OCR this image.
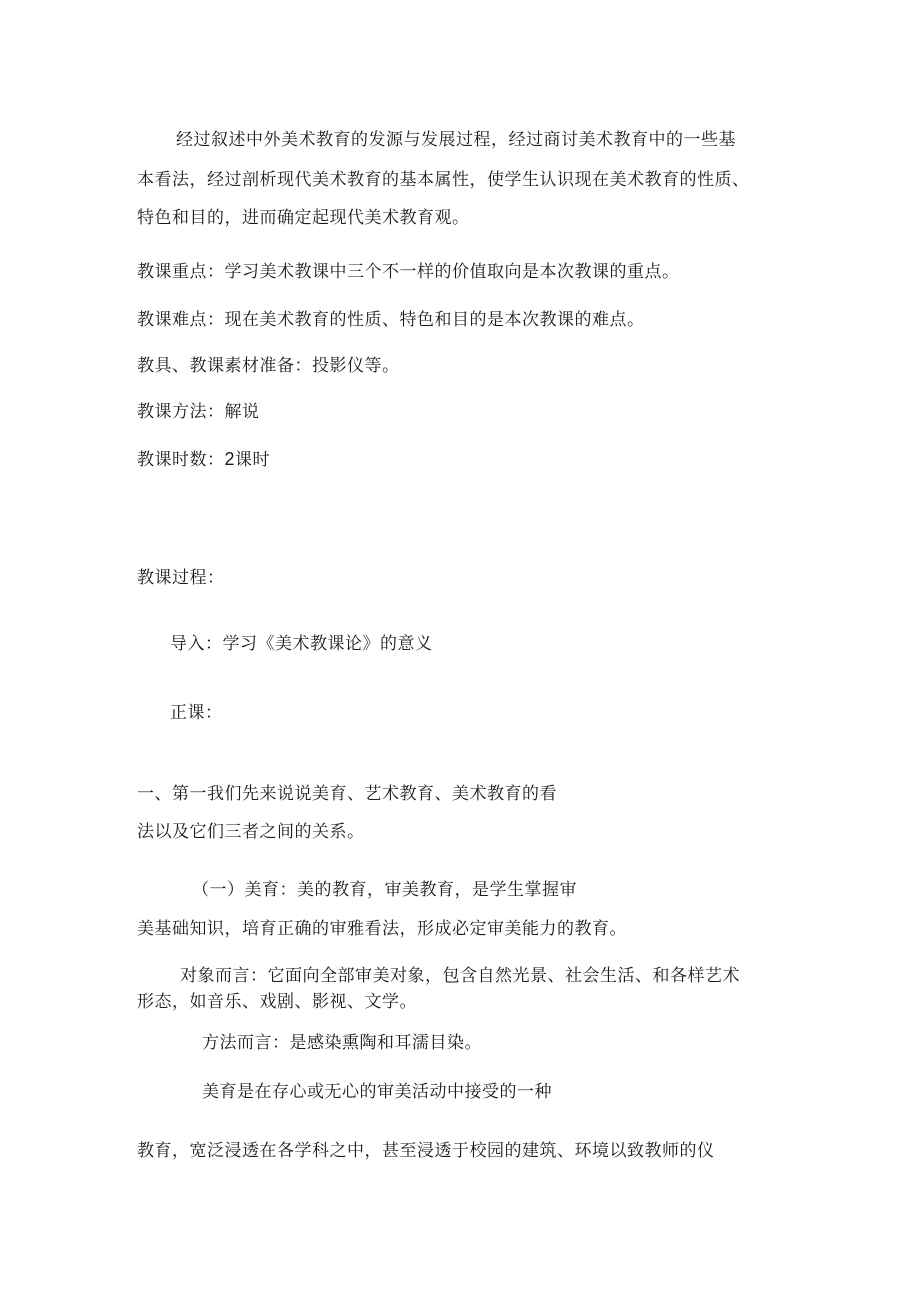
经过叙述中外美术教育的发源与发展过程，经过商讨美术教育中的一些基
本看法，经过剖析现代美术教育的基本属性，使学生认识现在美术教育的性质、
特色和目的，进而确定起现代美术教育观。
教课重点：学习美术教课中三个不一样的价值取向是本次教课的重点。
教课难点：现在美术教育的性质、特色和目的是本次教课的难点。
教具、教课素材准备：投影仪等。
教课方法：解说
教课时数：2课时
教课过程：
导入：学习《美术教课论》的意义
正课：
一、第一我们先来说说美育、艺术教育、美术教育的看
法以及它们三者之间的关系。
（一）美育：美的教育，审美教育，是学生掌握审
美基础知识，培育正确的审雅看法，形成必定审美能力的教育。
对象而言：它面向全部审美对象，包含自然光景、社会生活、和各样艺术
形态，如音乐、戏剧、影视、文学。
方法而言：是感染熏陶和耳濡目染。
美育是在存心或无心的审美活动中接受的一种
教育，宽泛浸透在各学科之中，甚至浸透于校园的建筑、环境以致教师的仪
